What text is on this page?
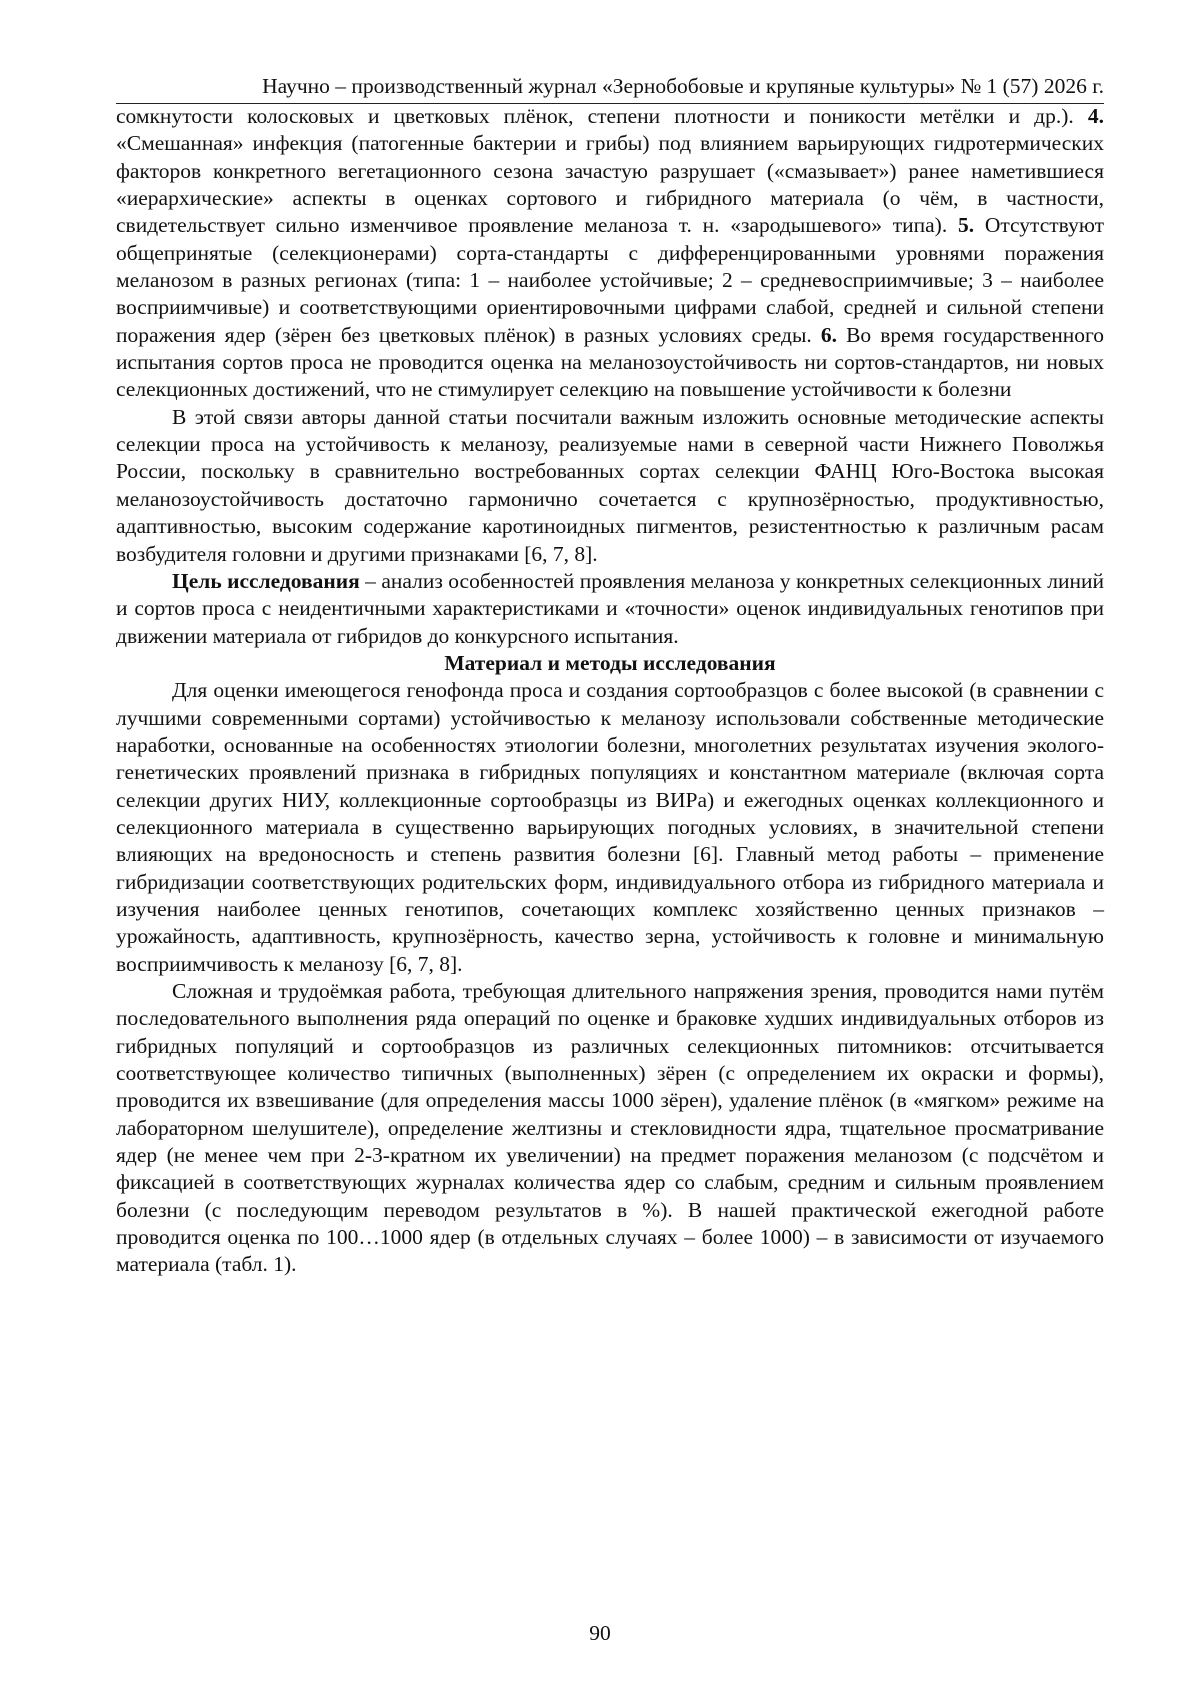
Научно – производственный журнал «Зернобобовые и крупяные культуры» № 1 (57) 2026 г.

сомкнутости колосковых и цветковых плёнок, степени плотности и поникости метёлки и др.). 4. «Смешанная» инфекция (патогенные бактерии и грибы) под влиянием варьирующих гидротермических факторов конкретного вегетационного сезона зачастую разрушает («смазывает») ранее наметившиеся «иерархические» аспекты в оценках сортового и гибридного материала (о чём, в частности, свидетельствует сильно изменчивое проявление меланоза т. н. «зародышевого» типа). 5. Отсутствуют общепринятые (селекционерами) сорта-стандарты с дифференцированными уровнями поражения меланозом в разных регионах (типа: 1 – наиболее устойчивые; 2 – средневосприимчивые; 3 – наиболее восприимчивые) и соответствующими ориентировочными цифрами слабой, средней и сильной степени поражения ядер (зёрен без цветковых плёнок) в разных условиях среды. 6. Во время государственного испытания сортов проса не проводится оценка на меланозоустойчивость ни сортов-стандартов, ни новых селекционных достижений, что не стимулирует селекцию на повышение устойчивости к болезни

В этой связи авторы данной статьи посчитали важным изложить основные методические аспекты селекции проса на устойчивость к меланозу, реализуемые нами в северной части Нижнего Поволжья России, поскольку в сравнительно востребованных сортах селекции ФАНЦ Юго-Востока высокая меланозоустойчивость достаточно гармонично сочетается с крупнозёрностью, продуктивностью, адаптивностью, высоким содержание каротиноидных пигментов, резистентностью к различным расам возбудителя головни и другими признаками [6, 7, 8].

Цель исследования – анализ особенностей проявления меланоза у конкретных селекционных линий и сортов проса с неидентичными характеристиками и «точности» оценок индивидуальных генотипов при движении материала от гибридов до конкурсного испытания.

Материал и методы исследования

Для оценки имеющегося генофонда проса и создания сортообразцов с более высокой (в сравнении с лучшими современными сортами) устойчивостью к меланозу использовали собственные методические наработки, основанные на особенностях этиологии болезни, многолетних результатах изучения эколого-генетических проявлений признака в гибридных популяциях и константном материале (включая сорта селекции других НИУ, коллекционные сортообразцы из ВИРа) и ежегодных оценках коллекционного и селекционного материала в существенно варьирующих погодных условиях, в значительной степени влияющих на вредоносность и степень развития болезни [6]. Главный метод работы – применение гибридизации соответствующих родительских форм, индивидуального отбора из гибридного материала и изучения наиболее ценных генотипов, сочетающих комплекс хозяйственно ценных признаков – урожайность, адаптивность, крупнозёрность, качество зерна, устойчивость к головне и минимальную восприимчивость к меланозу [6, 7, 8].

Сложная и трудоёмкая работа, требующая длительного напряжения зрения, проводится нами путём последовательного выполнения ряда операций по оценке и браковке худших индивидуальных отборов из гибридных популяций и сортообразцов из различных селекционных питомников: отсчитывается соответствующее количество типичных (выполненных) зёрен (с определением их окраски и формы), проводится их взвешивание (для определения массы 1000 зёрен), удаление плёнок (в «мягком» режиме на лабораторном шелушителе), определение желтизны и стекловидности ядра, тщательное просматривание ядер (не менее чем при 2-3-кратном их увеличении) на предмет поражения меланозом (с подсчётом и фиксацией в соответствующих журналах количества ядер со слабым, средним и сильным проявлением болезни (с последующим переводом результатов в %). В нашей практической ежегодной работе проводится оценка по 100…1000 ядер (в отдельных случаях – более 1000) – в зависимости от изучаемого материала (табл. 1).

90
